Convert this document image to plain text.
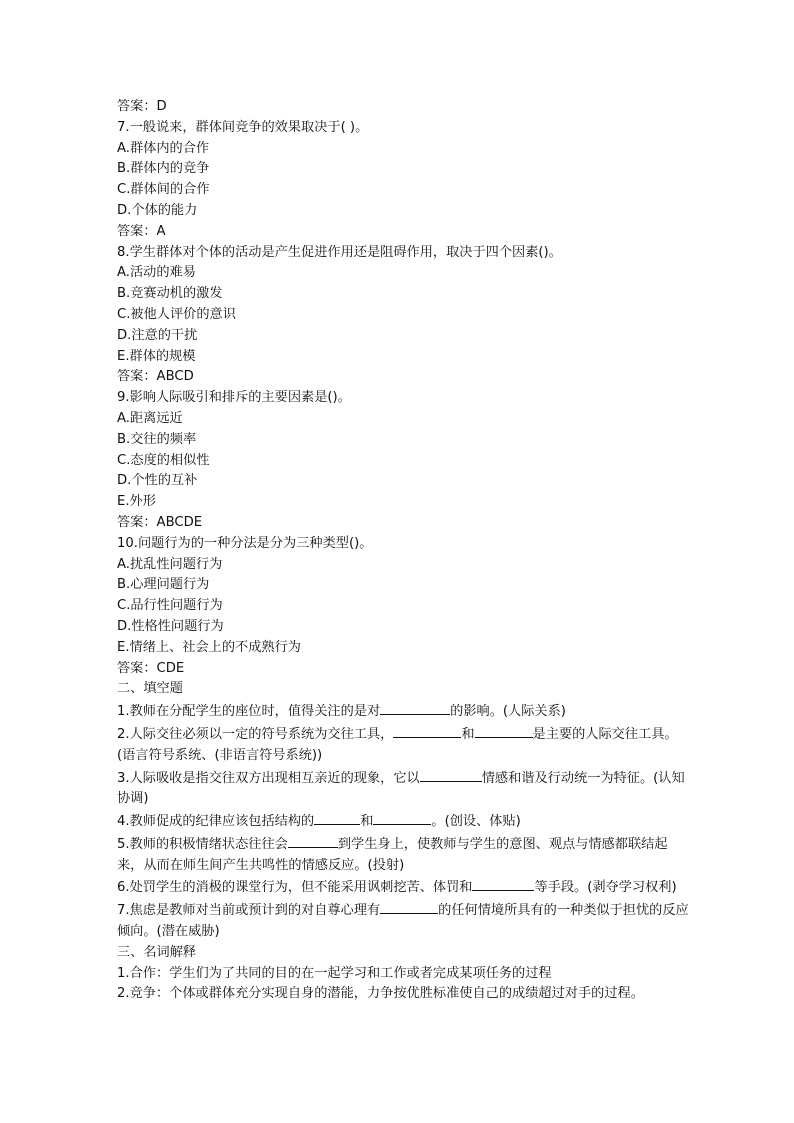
答案：D
7.一般说来，群体间竞争的效果取决于( )。
A.群体内的合作
B.群体内的竞争
C.群体间的合作
D.个体的能力
答案：A
8.学生群体对个体的活动是产生促进作用还是阻碍作用，取决于四个因素()。
A.活动的难易
B.竞赛动机的激发
C.被他人评价的意识
D.注意的干扰
E.群体的规模
答案：ABCD
9.影响人际吸引和排斥的主要因素是()。
A.距离远近
B.交往的频率
C.态度的相似性
D.个性的互补
E.外形
答案：ABCDE
10.问题行为的一种分法是分为三种类型()。
A.扰乱性问题行为
B.心理问题行为
C.品行性问题行为
D.性格性问题行为
E.情绪上、社会上的不成熟行为
答案：CDE
二、填空题
1.教师在分配学生的座位时，值得关注的是对	的影响。(人际关系)
2.人际交往必须以一定的符号系统为交往工具，	和	是主要的人际交往工具。(语言符号系统、(非语言符号系统))
3.人际吸收是指交往双方出现相互亲近的现象，它以	情感和谐及行动统一为特征。(认知协调)
4.教师促成的纪律应该包括结构的	和	。(创设、体贴)
5.教师的积极情绪状态往往会	到学生身上，使教师与学生的意图、观点与情感都联结起来，从而在师生间产生共鸣性的情感反应。(投射)
6.处罚学生的消极的课堂行为，但不能采用讽刺挖苦、体罚和	等手段。(剥夺学习权利)
7.焦虑是教师对当前或预计到的对自尊心理有	的任何情境所具有的一种类似于担忧的反应倾向。(潜在威胁)
三、名词解释
1.合作：学生们为了共同的目的在一起学习和工作或者完成某项任务的过程
2.竞争：个体或群体充分实现自身的潜能，力争按优胜标准使自己的成绩超过对手的过程。
